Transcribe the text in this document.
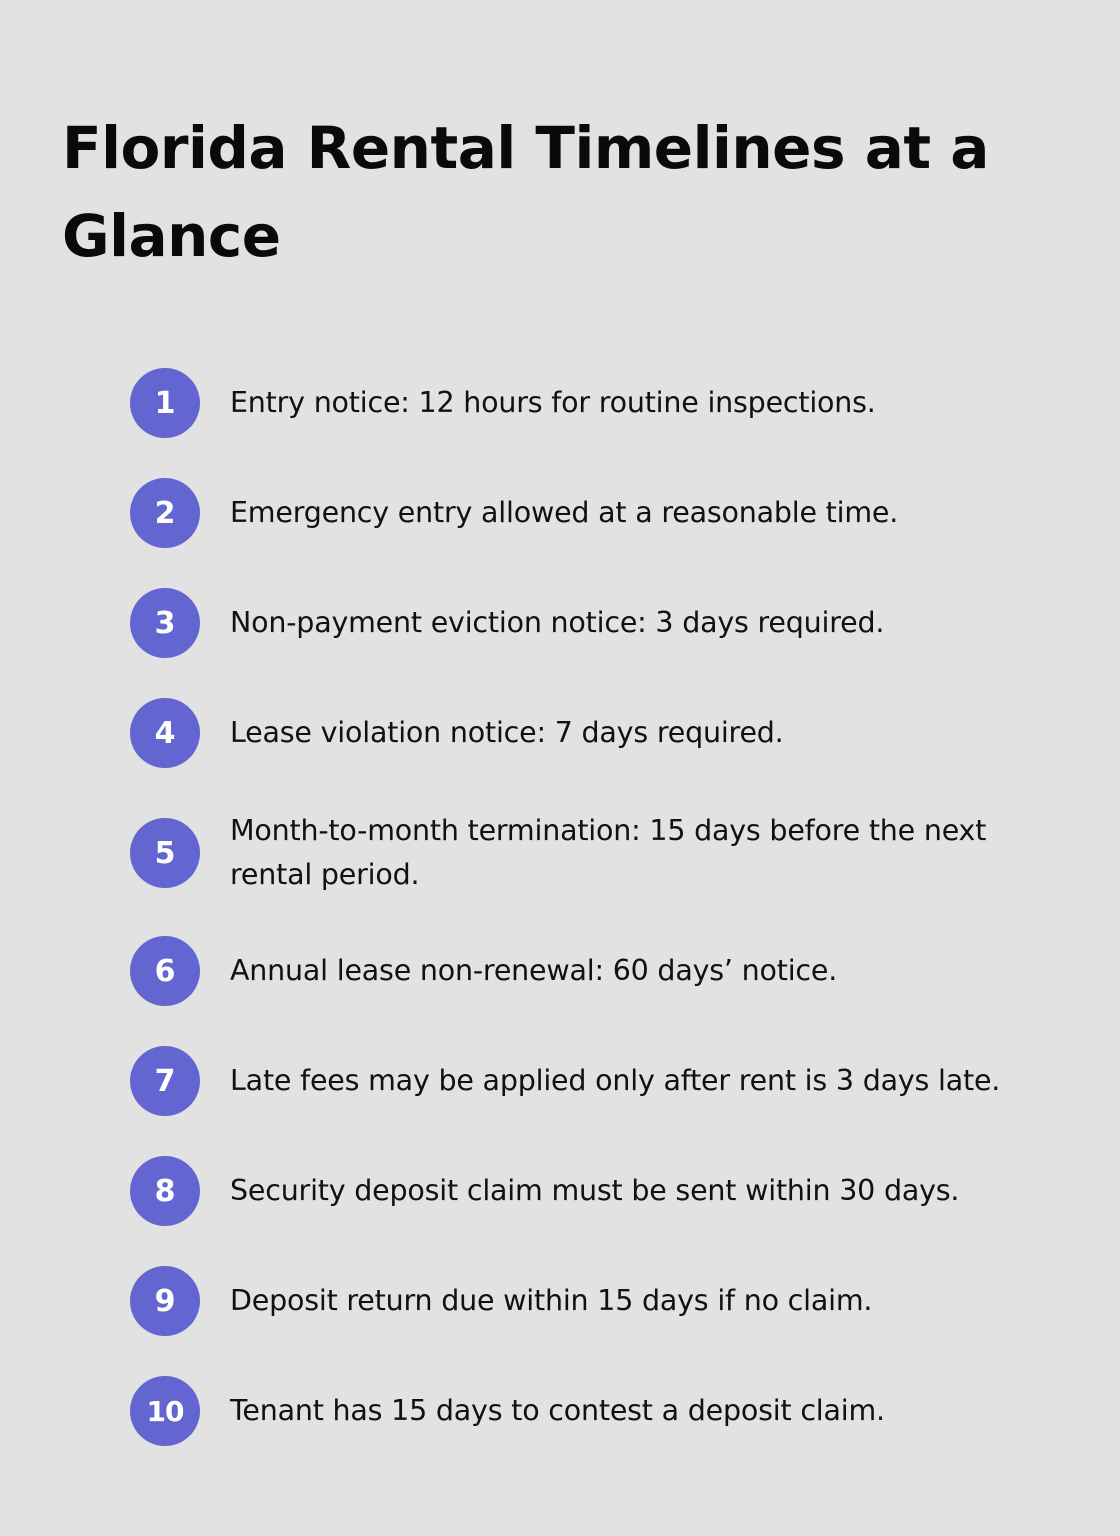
Florida Rental Timelines at a Glance
1	Entry notice: 12 hours for routine inspections.
2	Emergency entry allowed at a reasonable time.
3	Non-payment eviction notice: 3 days required.
4	Lease violation notice: 7 days required.
5
Month-to-month termination: 15 days before the next rental period.
6	Annual lease non-renewal: 60 days’ notice.
7	Late fees may be applied only after rent is 3 days late.
8	Security deposit claim must be sent within 30 days.
9	Deposit return due within 15 days if no claim.
10	Tenant has 15 days to contest a deposit claim.
